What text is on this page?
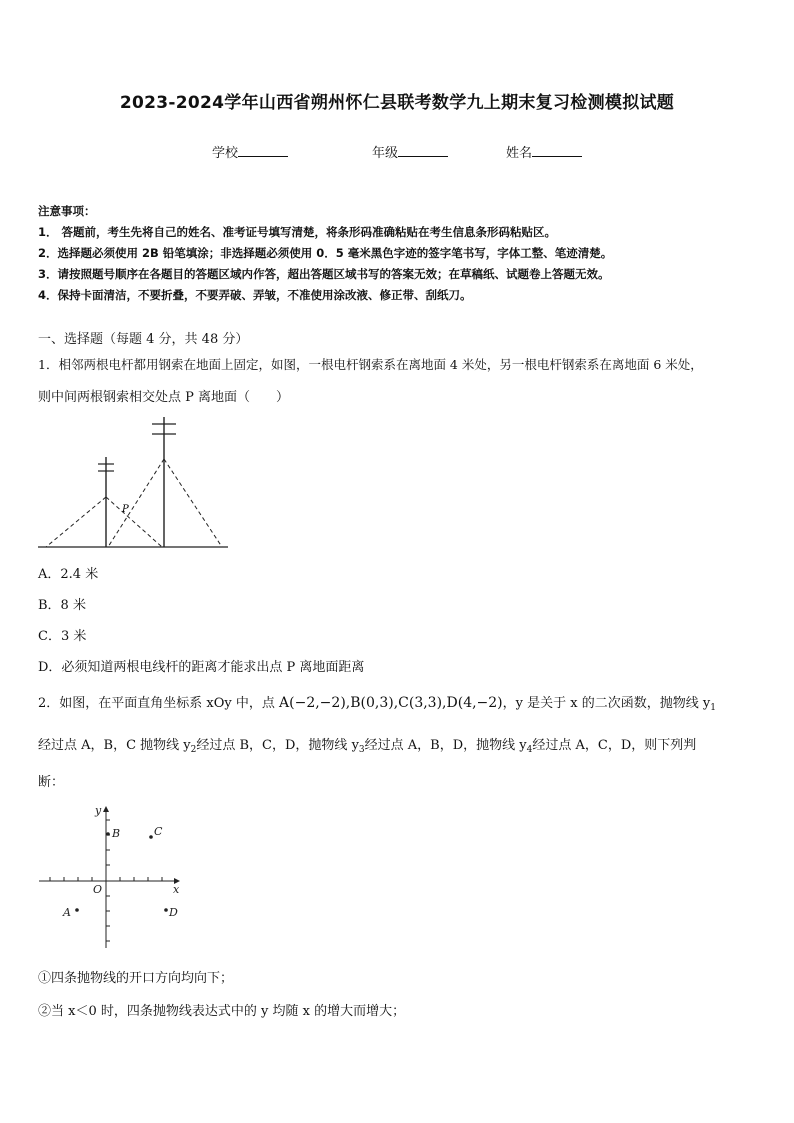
2023-2024学年山西省朔州怀仁县联考数学九上期末复习检测模拟试题
学校	年级	姓名
注意事项：
1． 答题前，考生先将自己的姓名、准考证号填写清楚，将条形码准确粘贴在考生信息条形码粘贴区。
2．选择题必须使用 2B 铅笔填涂；非选择题必须使用 0．5 毫米黑色字迹的签字笔书写，字体工整、笔迹清楚。
3．请按照题号顺序在各题目的答题区域内作答，超出答题区域书写的答案无效；在草稿纸、试题卷上答题无效。
4．保持卡面清洁，不要折叠，不要弄破、弄皱，不准使用涂改液、修正带、刮纸刀。
一、选择题（每题 4 分，共 48 分）
1．相邻两根电杆都用钢索在地面上固定，如图，一根电杆钢索系在离地面 4 米处，另一根电杆钢索系在离地面 6 米处，
则中间两根钢索相交处点 P 离地面（　　）
P
A．2.4 米
B．8 米
C．3 米
D．必须知道两根电线杆的距离才能求出点 P 离地面距离
2．如图，在平面直角坐标系 xOy 中，点 A(−2,−2),B(0,3),C(3,3),D(4,−2)，y 是关于 x 的二次函数，抛物线 $y_1$
经过点 A，B，C 抛物线 $y_2$经过点 B，C，D，抛物线 $y_3$经过点 A，B，D，抛物线 $y_4$经过点 A，C，D，则下列判
断：
y
x
O
B	C
A	D
①四条抛物线的开口方向均向下；
②当 x＜0 时，四条抛物线表达式中的 y 均随 x 的增大而增大；
